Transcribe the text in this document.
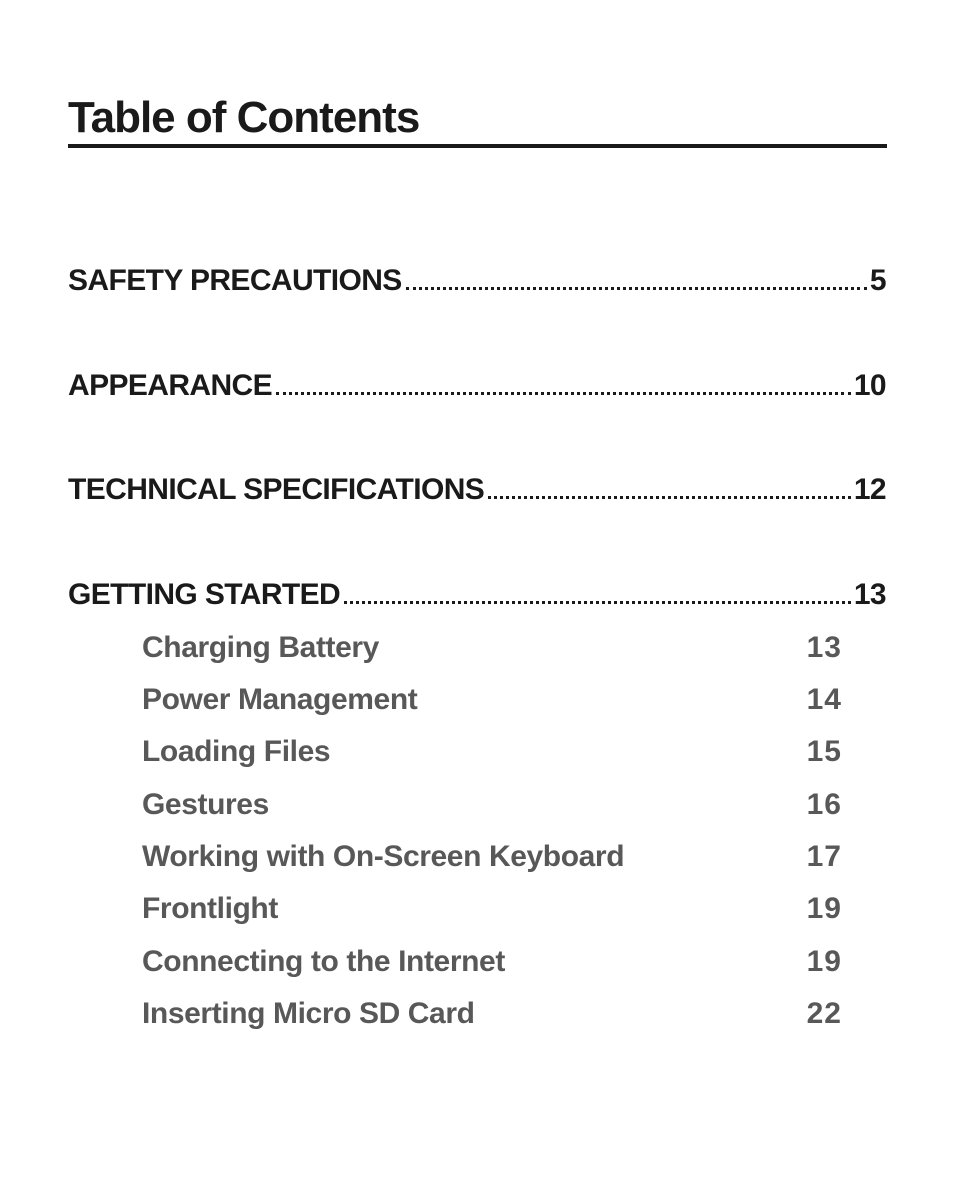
Table of Contents
SAFETY PRECAUTIONS	5
APPEARANCE	10
TECHNICAL SPECIFICATIONS	12
GETTING STARTED	13
Charging Battery	13
Power Management	14
Loading Files	15
Gestures	16
Working with On-Screen Keyboard	17
Frontlight	19
Connecting to the Internet	19
Inserting Micro SD Card	22
